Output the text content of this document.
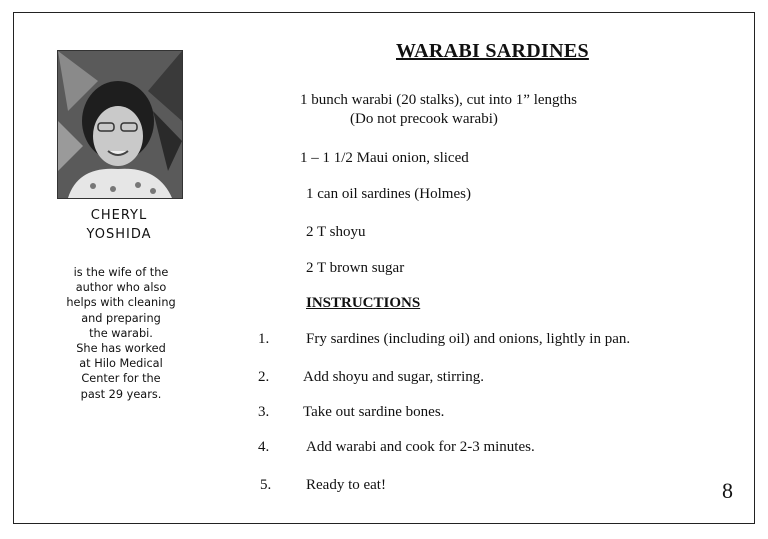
CHERYL
YOSHIDA
is the wife of the
author who also
helps with cleaning
and preparing
the warabi.
She has worked
at Hilo Medical
Center for the
past 29 years.
WARABI SARDINES
1 bunch warabi (20 stalks), cut into 1” lengths
(Do not precook warabi)
1 – 1 1/2 Maui onion, sliced
1 can oil sardines (Holmes)
2 T shoyu
2 T brown sugar
INSTRUCTIONS
1. Fry sardines (including oil) and onions, lightly in pan.
2. Add shoyu and sugar, stirring.
3. Take out sardine bones.
4. Add warabi and cook for 2-3 minutes.
5. Ready to eat!	8
